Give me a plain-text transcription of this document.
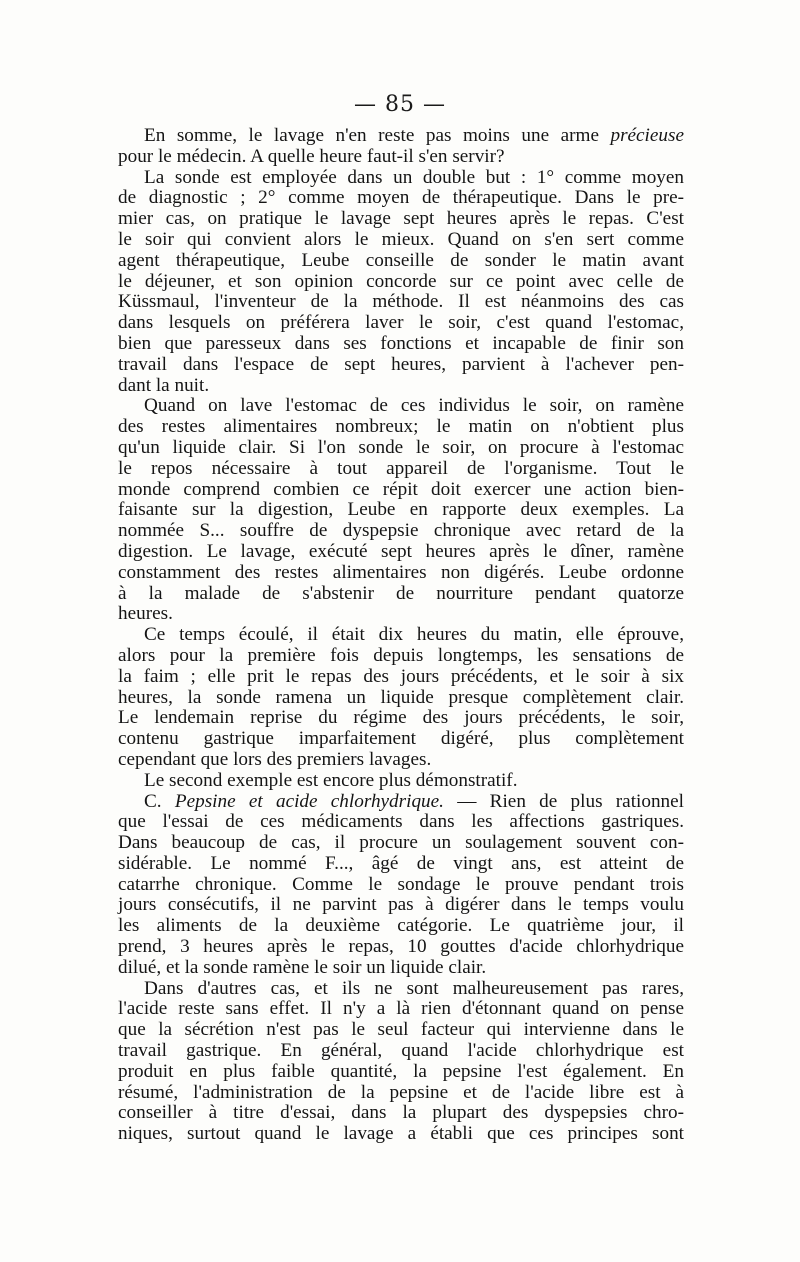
— 85 —
En somme, le lavage n'en reste pas moins une arme précieuse
pour le médecin. A quelle heure faut-il s'en servir?
La sonde est employée dans un double but : 1° comme moyen
de diagnostic ; 2° comme moyen de thérapeutique. Dans le pre-
mier cas, on pratique le lavage sept heures après le repas. C'est
le soir qui convient alors le mieux. Quand on s'en sert comme
agent thérapeutique, Leube conseille de sonder le matin avant
le déjeuner, et son opinion concorde sur ce point avec celle de
Küssmaul, l'inventeur de la méthode. Il est néanmoins des cas
dans lesquels on préférera laver le soir, c'est quand l'estomac,
bien que paresseux dans ses fonctions et incapable de finir son
travail dans l'espace de sept heures, parvient à l'achever pen-
dant la nuit.
Quand on lave l'estomac de ces individus le soir, on ramène
des restes alimentaires nombreux; le matin on n'obtient plus
qu'un liquide clair. Si l'on sonde le soir, on procure à l'estomac
le repos nécessaire à tout appareil de l'organisme. Tout le
monde comprend combien ce répit doit exercer une action bien-
faisante sur la digestion, Leube en rapporte deux exemples. La
nommée S... souffre de dyspepsie chronique avec retard de la
digestion. Le lavage, exécuté sept heures après le dîner, ramène
constamment des restes alimentaires non digérés. Leube ordonne
à la malade de s'abstenir de nourriture pendant quatorze
heures.
Ce temps écoulé, il était dix heures du matin, elle éprouve,
alors pour la première fois depuis longtemps, les sensations de
la faim ; elle prit le repas des jours précédents, et le soir à six
heures, la sonde ramena un liquide presque complètement clair.
Le lendemain reprise du régime des jours précédents, le soir,
contenu gastrique imparfaitement digéré, plus complètement
cependant que lors des premiers lavages.
Le second exemple est encore plus démonstratif.
C. Pepsine et acide chlorhydrique. — Rien de plus rationnel
que l'essai de ces médicaments dans les affections gastriques.
Dans beaucoup de cas, il procure un soulagement souvent con-
sidérable. Le nommé F..., âgé de vingt ans, est atteint de
catarrhe chronique. Comme le sondage le prouve pendant trois
jours consécutifs, il ne parvint pas à digérer dans le temps voulu
les aliments de la deuxième catégorie. Le quatrième jour, il
prend, 3 heures après le repas, 10 gouttes d'acide chlorhydrique
dilué, et la sonde ramène le soir un liquide clair.
Dans d'autres cas, et ils ne sont malheureusement pas rares,
l'acide reste sans effet. Il n'y a là rien d'étonnant quand on pense
que la sécrétion n'est pas le seul facteur qui intervienne dans le
travail gastrique. En général, quand l'acide chlorhydrique est
produit en plus faible quantité, la pepsine l'est également. En
résumé, l'administration de la pepsine et de l'acide libre est à
conseiller à titre d'essai, dans la plupart des dyspepsies chro-
niques, surtout quand le lavage a établi que ces principes sont
